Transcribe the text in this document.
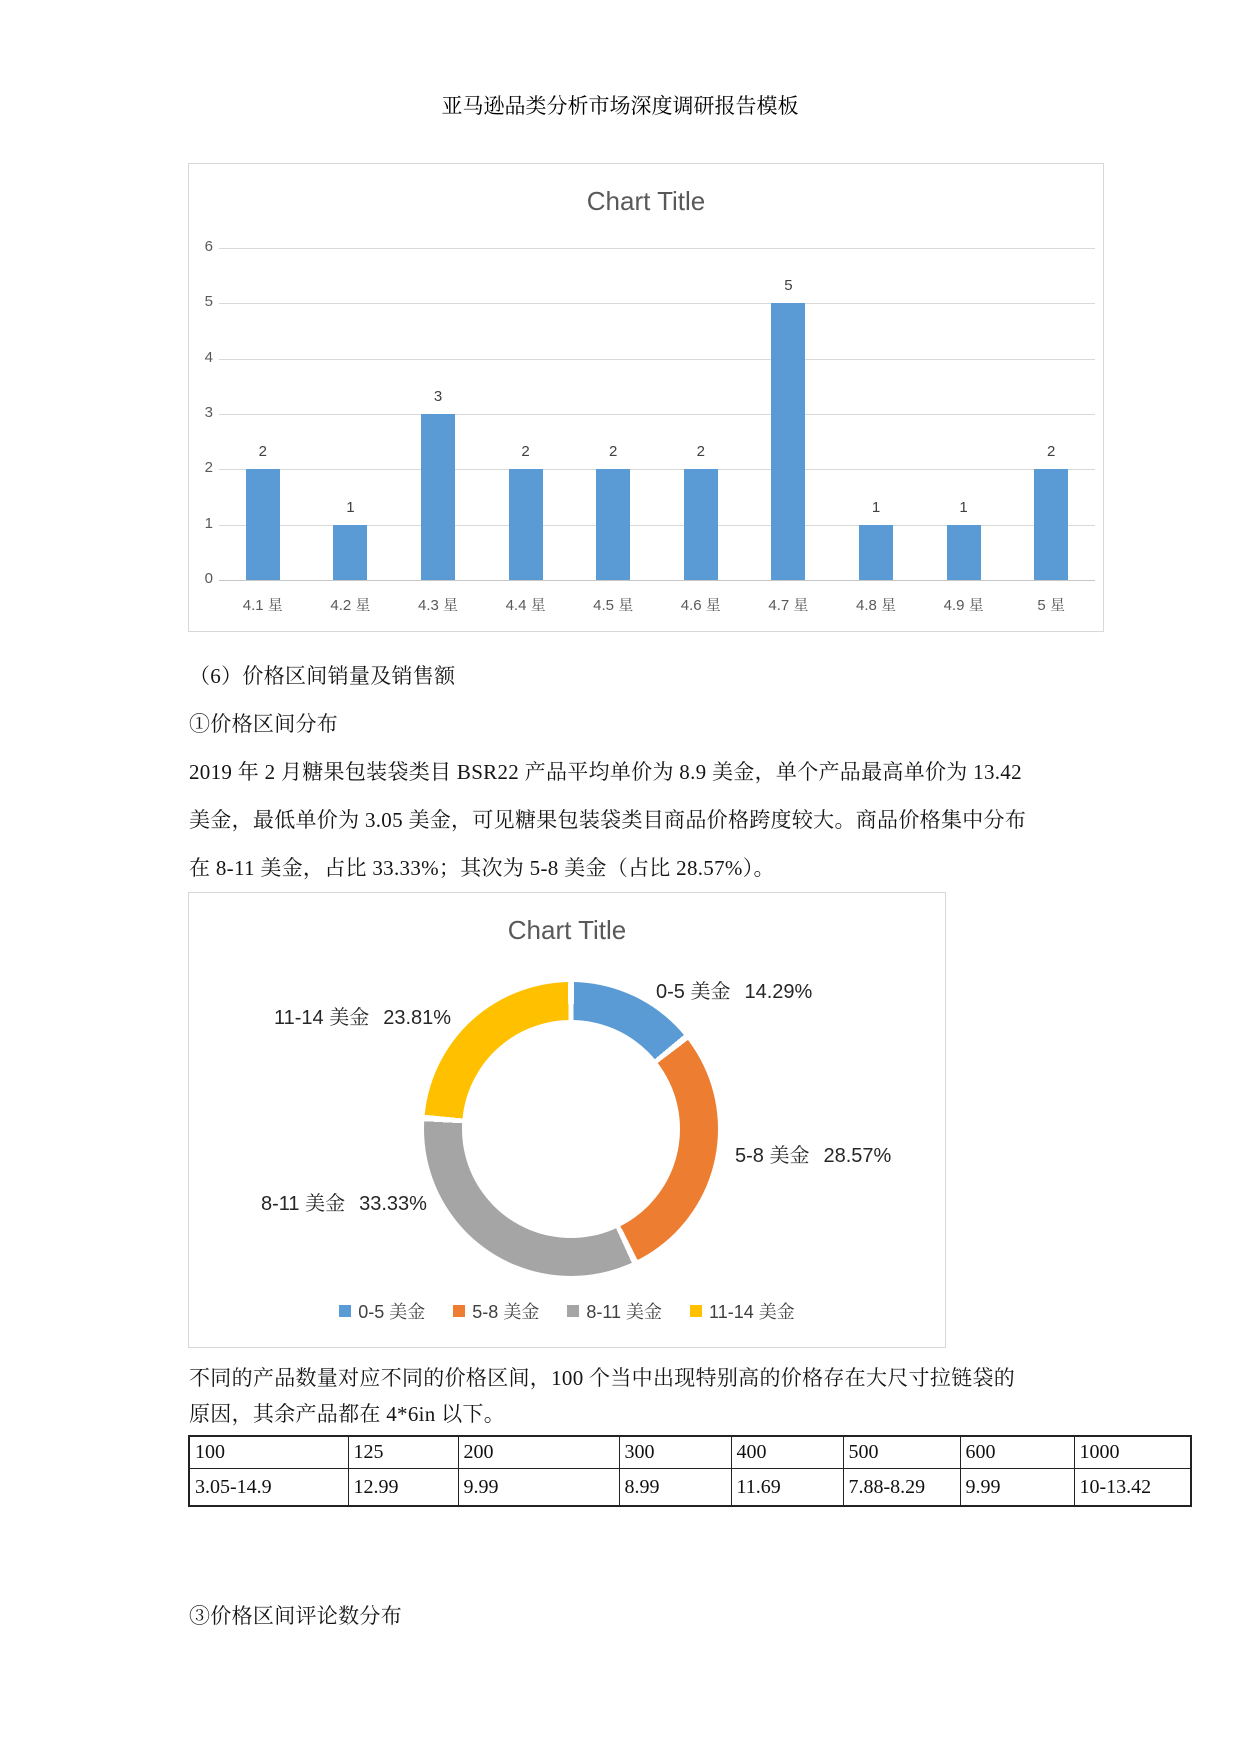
亚马逊品类分析市场深度调研报告模板
Chart Title
0
1
2
3
4
5
6
2
4.1 星
1
4.2 星
3
4.3 星
2
4.4 星
2
4.5 星
2
4.6 星
5
4.7 星
1
4.8 星
1
4.9 星
2
5 星
（6）价格区间销量及销售额
①价格区间分布
2019 年 2 月糖果包装袋类目 BSR22 产品平均单价为 8.9 美金，单个产品最高单价为 13.42
美金，最低单价为 3.05 美金，可见糖果包装袋类目商品价格跨度较大。商品价格集中分布
在 8-11 美金，占比 33.33%；其次为 5-8 美金（占比 28.57%）。
Chart Title
0-5 美金 14.29%
5-8 美金 28.57%
8-11 美金 33.33%
11-14 美金 23.81%
0-5 美金	5-8 美金	8-11 美金	11-14 美金
不同的产品数量对应不同的价格区间，100 个当中出现特别高的价格存在大尺寸拉链袋的
原因，其余产品都在 4*6in 以下。
100	125	200	300	400	500	600	1000
3.05-14.9	12.99	9.99	8.99	11.69	7.88-8.29	9.99	10-13.42
③价格区间评论数分布
